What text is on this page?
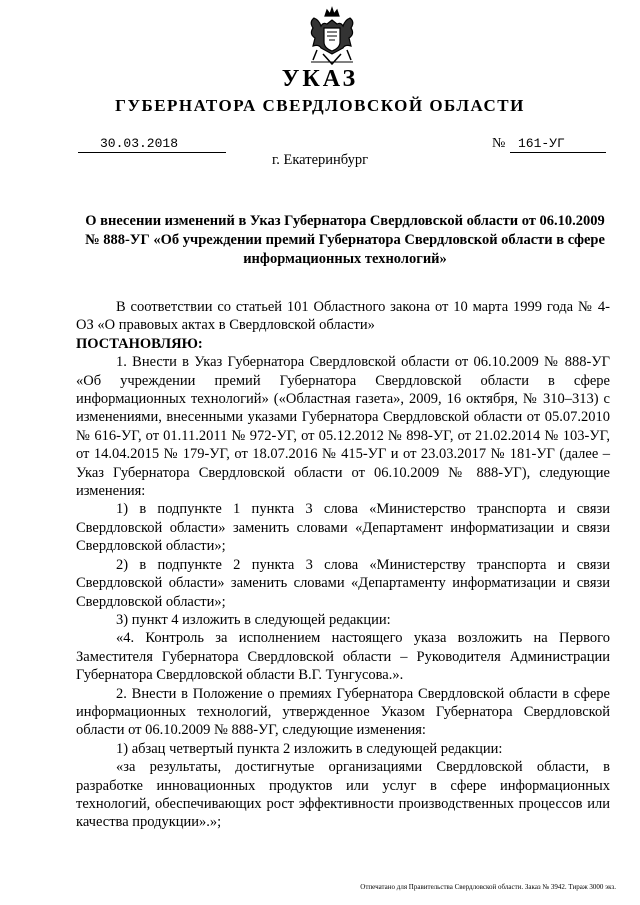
УКАЗ
ГУБЕРНАТОРА СВЕРДЛОВСКОЙ ОБЛАСТИ
30.03.2018	№ 161-УГ
г. Екатеринбург
О внесении изменений в Указ Губернатора Свердловской области от 06.10.2009 № 888-УГ «Об учреждении премий Губернатора Свердловской области в сфере информационных технологий»

В соответствии со статьей 101 Областного закона от 10 марта 1999 года № 4-ОЗ «О правовых актах в Свердловской области»

ПОСТАНОВЛЯЮ:

1. Внести в Указ Губернатора Свердловской области от 06.10.2009 № 888-УГ «Об учреждении премий Губернатора Свердловской области в сфере информационных технологий» («Областная газета», 2009, 16 октября, № 310–313) с изменениями, внесенными указами Губернатора Свердловской области от 05.07.2010 № 616-УГ, от 01.11.2011 № 972-УГ, от 05.12.2012 № 898-УГ, от 21.02.2014 № 103-УГ, от 14.04.2015 № 179-УГ, от 18.07.2016 № 415-УГ и от 23.03.2017 № 181-УГ (далее – Указ Губернатора Свердловской области от 06.10.2009 № 888-УГ), следующие изменения:

1) в подпункте 1 пункта 3 слова «Министерство транспорта и связи Свердловской области» заменить словами «Департамент информатизации и связи Свердловской области»;

2) в подпункте 2 пункта 3 слова «Министерству транспорта и связи Свердловской области» заменить словами «Департаменту информатизации и связи Свердловской области»;

3) пункт 4 изложить в следующей редакции:

«4. Контроль за исполнением настоящего указа возложить на Первого Заместителя Губернатора Свердловской области – Руководителя Администрации Губернатора Свердловской области В.Г. Тунгусова.».

2. Внести в Положение о премиях Губернатора Свердловской области в сфере информационных технологий, утвержденное Указом Губернатора Свердловской области от 06.10.2009 № 888-УГ, следующие изменения:

1) абзац четвертый пункта 2 изложить в следующей редакции:

«за результаты, достигнутые организациями Свердловской области, в разработке инновационных продуктов или услуг в сфере информационных технологий, обеспечивающих рост эффективности производственных процессов или качества продукции».»;

Отпечатано для Правительства Свердловской области. Заказ № 3942. Тираж 3000 экз.
